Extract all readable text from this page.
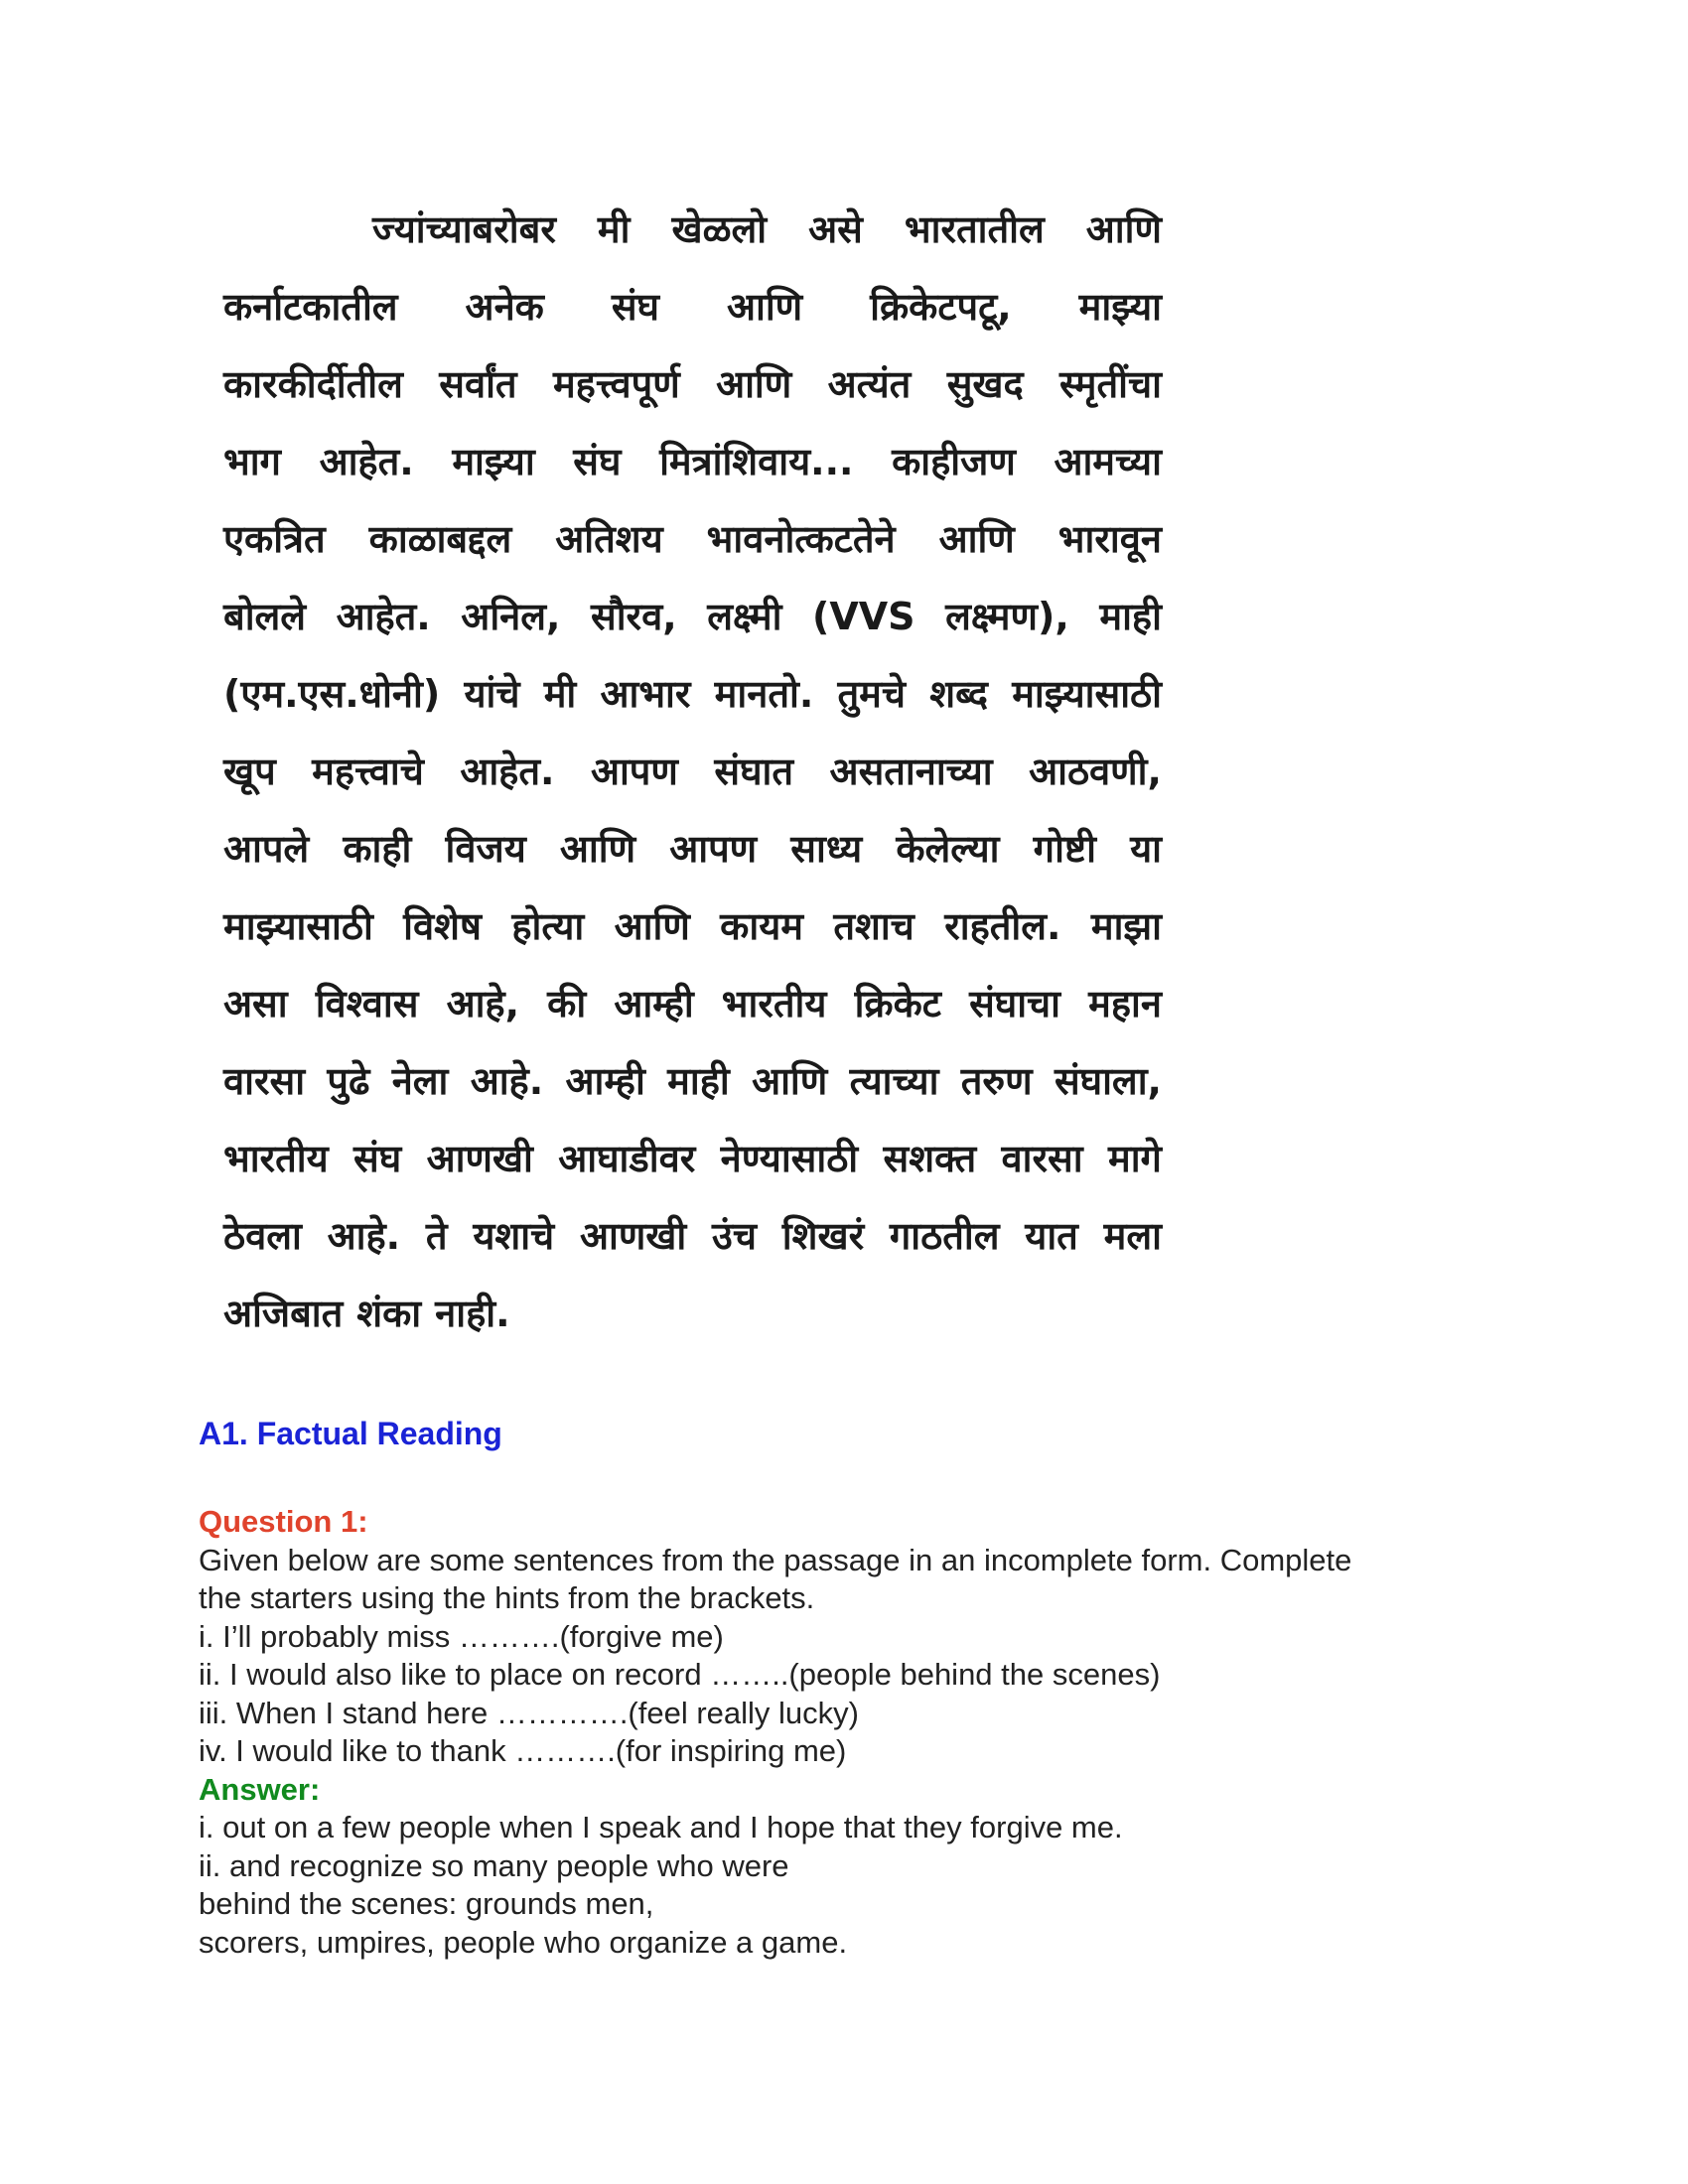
ज्यांच्याबरोबर मी खेळलो असे भारतातील आणि
कर्नाटकातील अनेक संघ आणि क्रिकेटपटू, माझ्या
कारकीर्दीतील सर्वांत महत्त्वपूर्ण आणि अत्यंत सुखद स्मृतींचा
भाग आहेत. माझ्या संघ मित्रांशिवाय... काहीजण आमच्या
एकत्रित काळाबद्दल अतिशय भावनोत्कटतेने आणि भारावून
बोलले आहेत. अनिल, सौरव, लक्ष्मी (VVS लक्ष्मण), माही
(एम.एस.धोनी) यांचे मी आभार मानतो. तुमचे शब्द माझ्यासाठी
खूप महत्त्वाचे आहेत. आपण संघात असतानाच्या आठवणी,
आपले काही विजय आणि आपण साध्य केलेल्या गोष्टी या
माझ्यासाठी विशेष होत्या आणि कायम तशाच राहतील. माझा
असा विश्वास आहे, की आम्ही भारतीय क्रिकेट संघाचा महान
वारसा पुढे नेला आहे. आम्ही माही आणि त्याच्या तरुण संघाला,
भारतीय संघ आणखी आघाडीवर नेण्यासाठी सशक्त वारसा मागे
ठेवला आहे. ते यशाचे आणखी उंच शिखरं गाठतील यात मला
अजिबात शंका नाही.

A1. Factual Reading

Question 1:

Given below are some sentences from the passage in an incomplete form. Complete

the starters using the hints from the brackets.

i. I’ll probably miss ……….(forgive me)

ii. I would also like to place on record ……..(people behind the scenes)

iii. When I stand here ………….(feel really lucky)

iv. I would like to thank ……….(for inspiring me)

Answer:

i. out on a few people when I speak and I hope that they forgive me.

ii. and recognize so many people who were

behind the scenes: grounds men,

scorers, umpires, people who organize a game.
